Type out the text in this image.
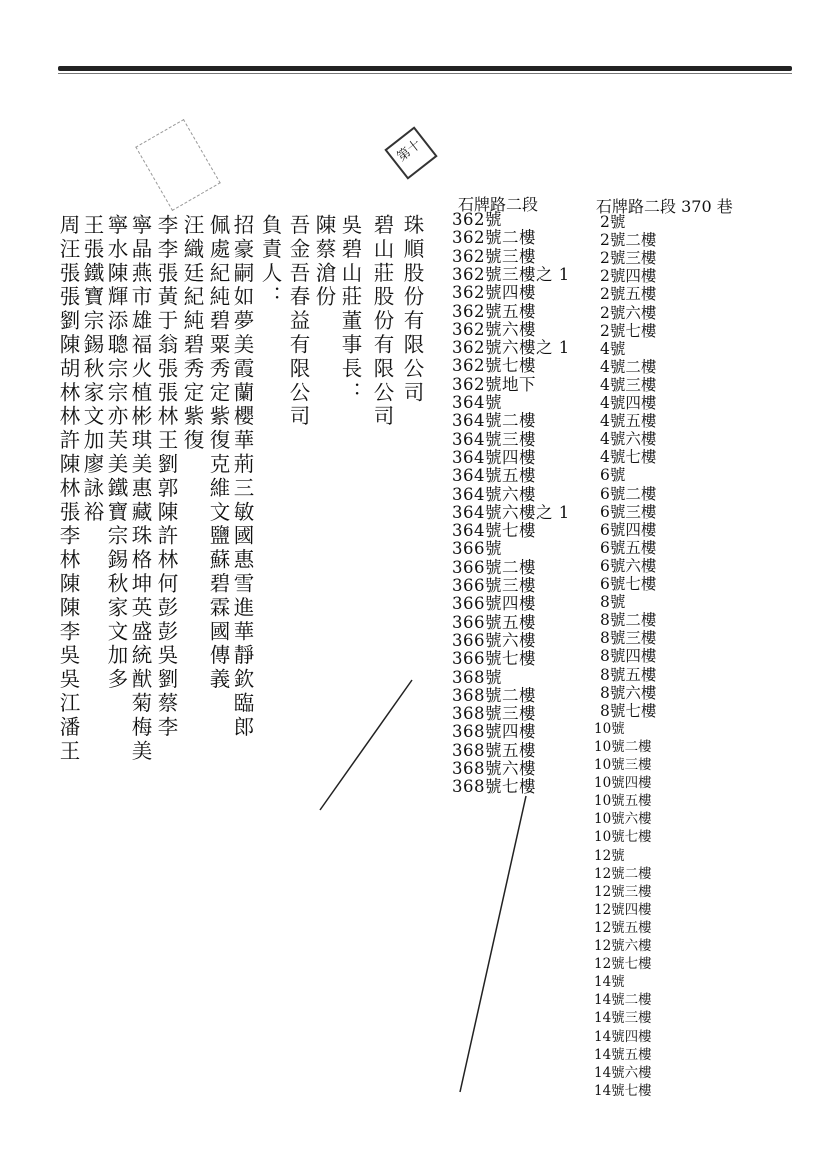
第十
珠順股份有限公司
碧山莊股份有限公司
吳碧山莊董事長：
陳蔡滄份
吾金吾春益有限公司
負責人：
招豪嗣如夢美霞蘭櫻華荊三敏國惠雪進華靜欽臨郎
佩處紀純碧粟秀定紫復克維文鹽蘇碧霖國傳義
汪織廷紀純碧秀定紫復
李李張黃于翁張張林王劉郭陳許林何彭彭吳劉蔡李
寧晶燕市雄福火植彬琪美惠藏珠格坤英盛統猷菊梅美
寧水陳輝添聰宗宗亦芙美鐵寶宗錫秋家文加多
王張鐵寶宗錫秋家文加廖詠裕
周汪張張劉陳胡林林許陳林張李林陳陳李吳吳江潘王
石牌路二段	石牌路二段 370 巷
362號
362號二樓
362號三樓
362號三樓之 1
362號四樓
362號五樓
362號六樓
362號六樓之 1
362號七樓
362號地下
364號
364號二樓
364號三樓
364號四樓
364號五樓
364號六樓
364號六樓之 1
364號七樓
366號
366號二樓
366號三樓
366號四樓
366號五樓
366號六樓
366號七樓
368號
368號二樓
368號三樓
368號四樓
368號五樓
368號六樓
368號七樓
2號
2號二樓
2號三樓
2號四樓
2號五樓
2號六樓
2號七樓
4號
4號二樓
4號三樓
4號四樓
4號五樓
4號六樓
4號七樓
6號
6號二樓
6號三樓
6號四樓
6號五樓
6號六樓
6號七樓
8號
8號二樓
8號三樓
8號四樓
8號五樓
8號六樓
8號七樓
10號
10號二樓
10號三樓
10號四樓
10號五樓
10號六樓
10號七樓
12號
12號二樓
12號三樓
12號四樓
12號五樓
12號六樓
12號七樓
14號
14號二樓
14號三樓
14號四樓
14號五樓
14號六樓
14號七樓
